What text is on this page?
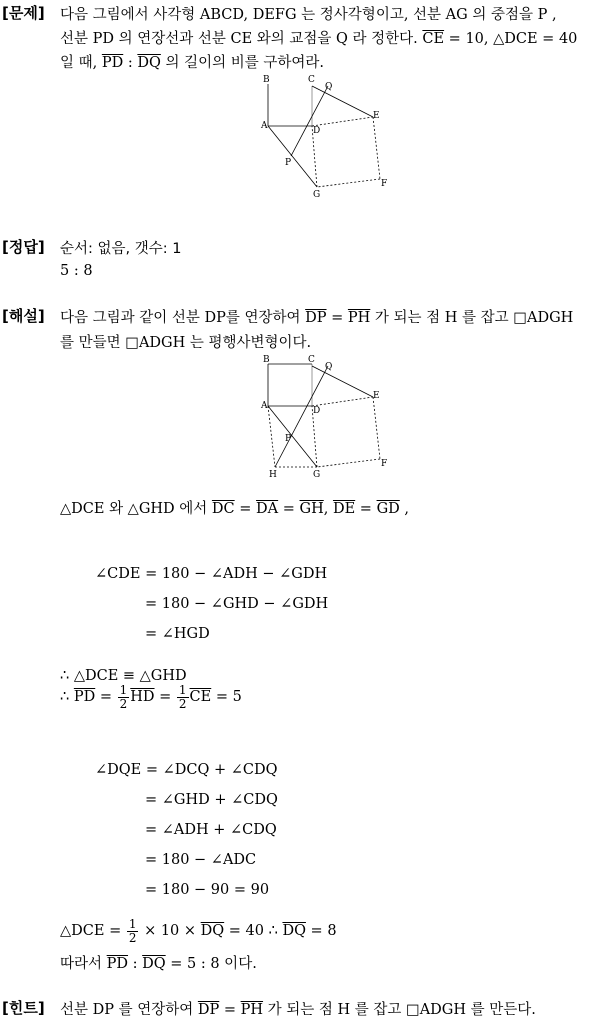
[문제] 다음 그림에서 사각형 ABCD, DEFG 는 정사각형이고, 선분 AG 의 중점을 P ,
선분 PD 의 연장선과 선분 CE 와의 교점을 Q 라 정한다. $\overline{CE} = 10$, △DCE = 40
일 때, $\overline{PD}$ : $\overline{DQ}$ 의 길이의 비를 구하여라.
B	C
Q
E
A	D
P
F
G
[정답] 순서: 없음, 갯수: 1
5 : 8
[해설] 다음 그림과 같이 선분 DP를 연장하여 $\overline{DP} = \overline{PH}$ 가 되는 점 H 를 잡고 □ADGH
를 만들면 □ADGH 는 평행사변형이다.
B	C
Q
E
A	D
P
F
G
H
△DCE 와 △GHD 에서 $\overline{DC} = \overline{DA} = \overline{GH}$, $\overline{DE} = \overline{GD}$ ,
∠CDE = 180 − ∠ADH − ∠GDH
= 180 − ∠GHD − ∠GDH
= ∠HGD
∴ △DCE ≡ △GHD
∴ $\overline{PD} = \frac{1}{2} \overline{HD} = \frac{1}{2} \overline{CE} = 5$
∠DQE = ∠DCQ + ∠CDQ
= ∠GHD + ∠CDQ
= ∠ADH + ∠CDQ
= 180 − ∠ADC
= 180 − 90 = 90
△DCE = $\frac{1}{2} \times 10 \times \overline{DQ} = 40$ ∴ $\overline{DQ} = 8$
따라서 $\overline{PD}$ : $\overline{DQ} = 5$ : 8 이다.
[힌트] 선분 DP 를 연장하여 $\overline{DP} = \overline{PH}$ 가 되는 점 H 를 잡고 □ADGH 를 만든다.
